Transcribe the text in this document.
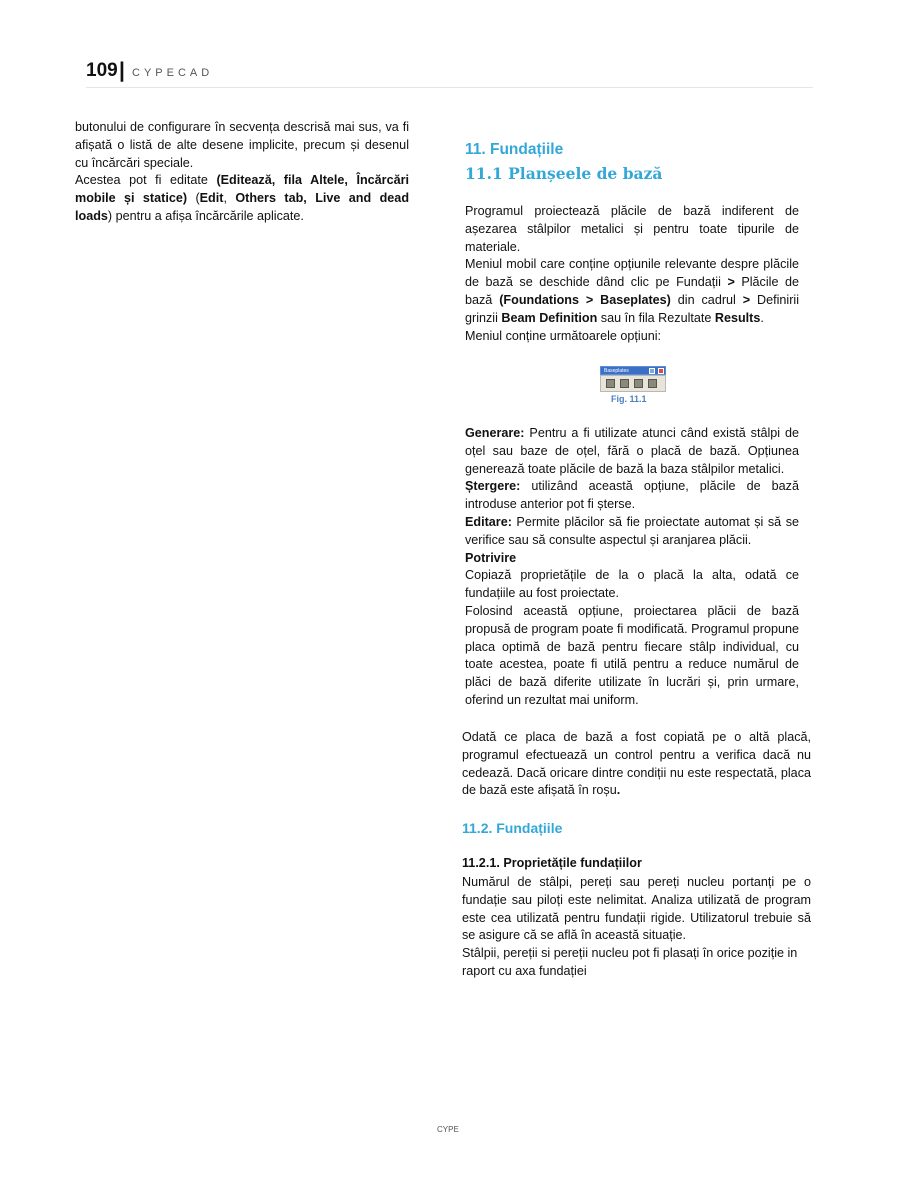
109 | CYPECAD

butonului de configurare în secvența descrisă mai sus, va fi afișată o listă de alte desene implicite, precum și desenul cu încărcări speciale.

Acestea pot fi editate (Editează, fila Altele, Încărcări mobile și statice) (Edit, Others tab, Live and dead loads) pentru a afișa încărcările aplicate.

11. Fundațiile
11.1 Planșeele de bază

Programul proiectează plăcile de bază indiferent de așezarea stâlpilor metalici și pentru toate tipurile de materiale.

Meniul mobil care conține opțiunile relevante despre plăcile de bază se deschide dând clic pe Fundații > Plăcile de bază (Foundations > Baseplates) din cadrul > Definirii grinzii Beam Definition sau în fila Rezultate Results.

Meniul conține următoarele opțiuni:

Baseplates
Fig. 11.1

Generare: Pentru a fi utilizate atunci când există stâlpi de oțel sau baze de oțel, fără o placă de bază. Opțiunea generează toate plăcile de bază la baza stâlpilor metalici.

Ștergere: utilizând această opțiune, plăcile de bază introduse anterior pot fi șterse.

Editare: Permite plăcilor să fie proiectate automat și să se verifice sau să consulte aspectul și aranjarea plăcii.

Potrivire

Copiază proprietățile de la o placă la alta, odată ce fundațiile au fost proiectate.

Folosind această opțiune, proiectarea plăcii de bază propusă de program poate fi modificată. Programul propune placa optimă de bază pentru fiecare stâlp individual, cu toate acestea, poate fi utilă pentru a reduce numărul de plăci de bază diferite utilizate în lucrări și, prin urmare, oferind un rezultat mai uniform.

Odată ce placa de bază a fost copiată pe o altă placă, programul efectuează un control pentru a verifica dacă nu cedează. Dacă oricare dintre condiții nu este respectată, placa de bază este afișată în roșu.

11.2. Fundațiile
11.2.1. Proprietățile fundațiilor

Numărul de stâlpi, pereți sau pereți nucleu portanți pe o fundație sau piloți este nelimitat. Analiza utilizată de program este cea utilizată pentru fundații rigide. Utilizatorul trebuie să se asigure că se află în această situație.

Stâlpii, pereții si pereții nucleu pot fi plasați în orice poziție in raport cu axa fundației

CYPE
